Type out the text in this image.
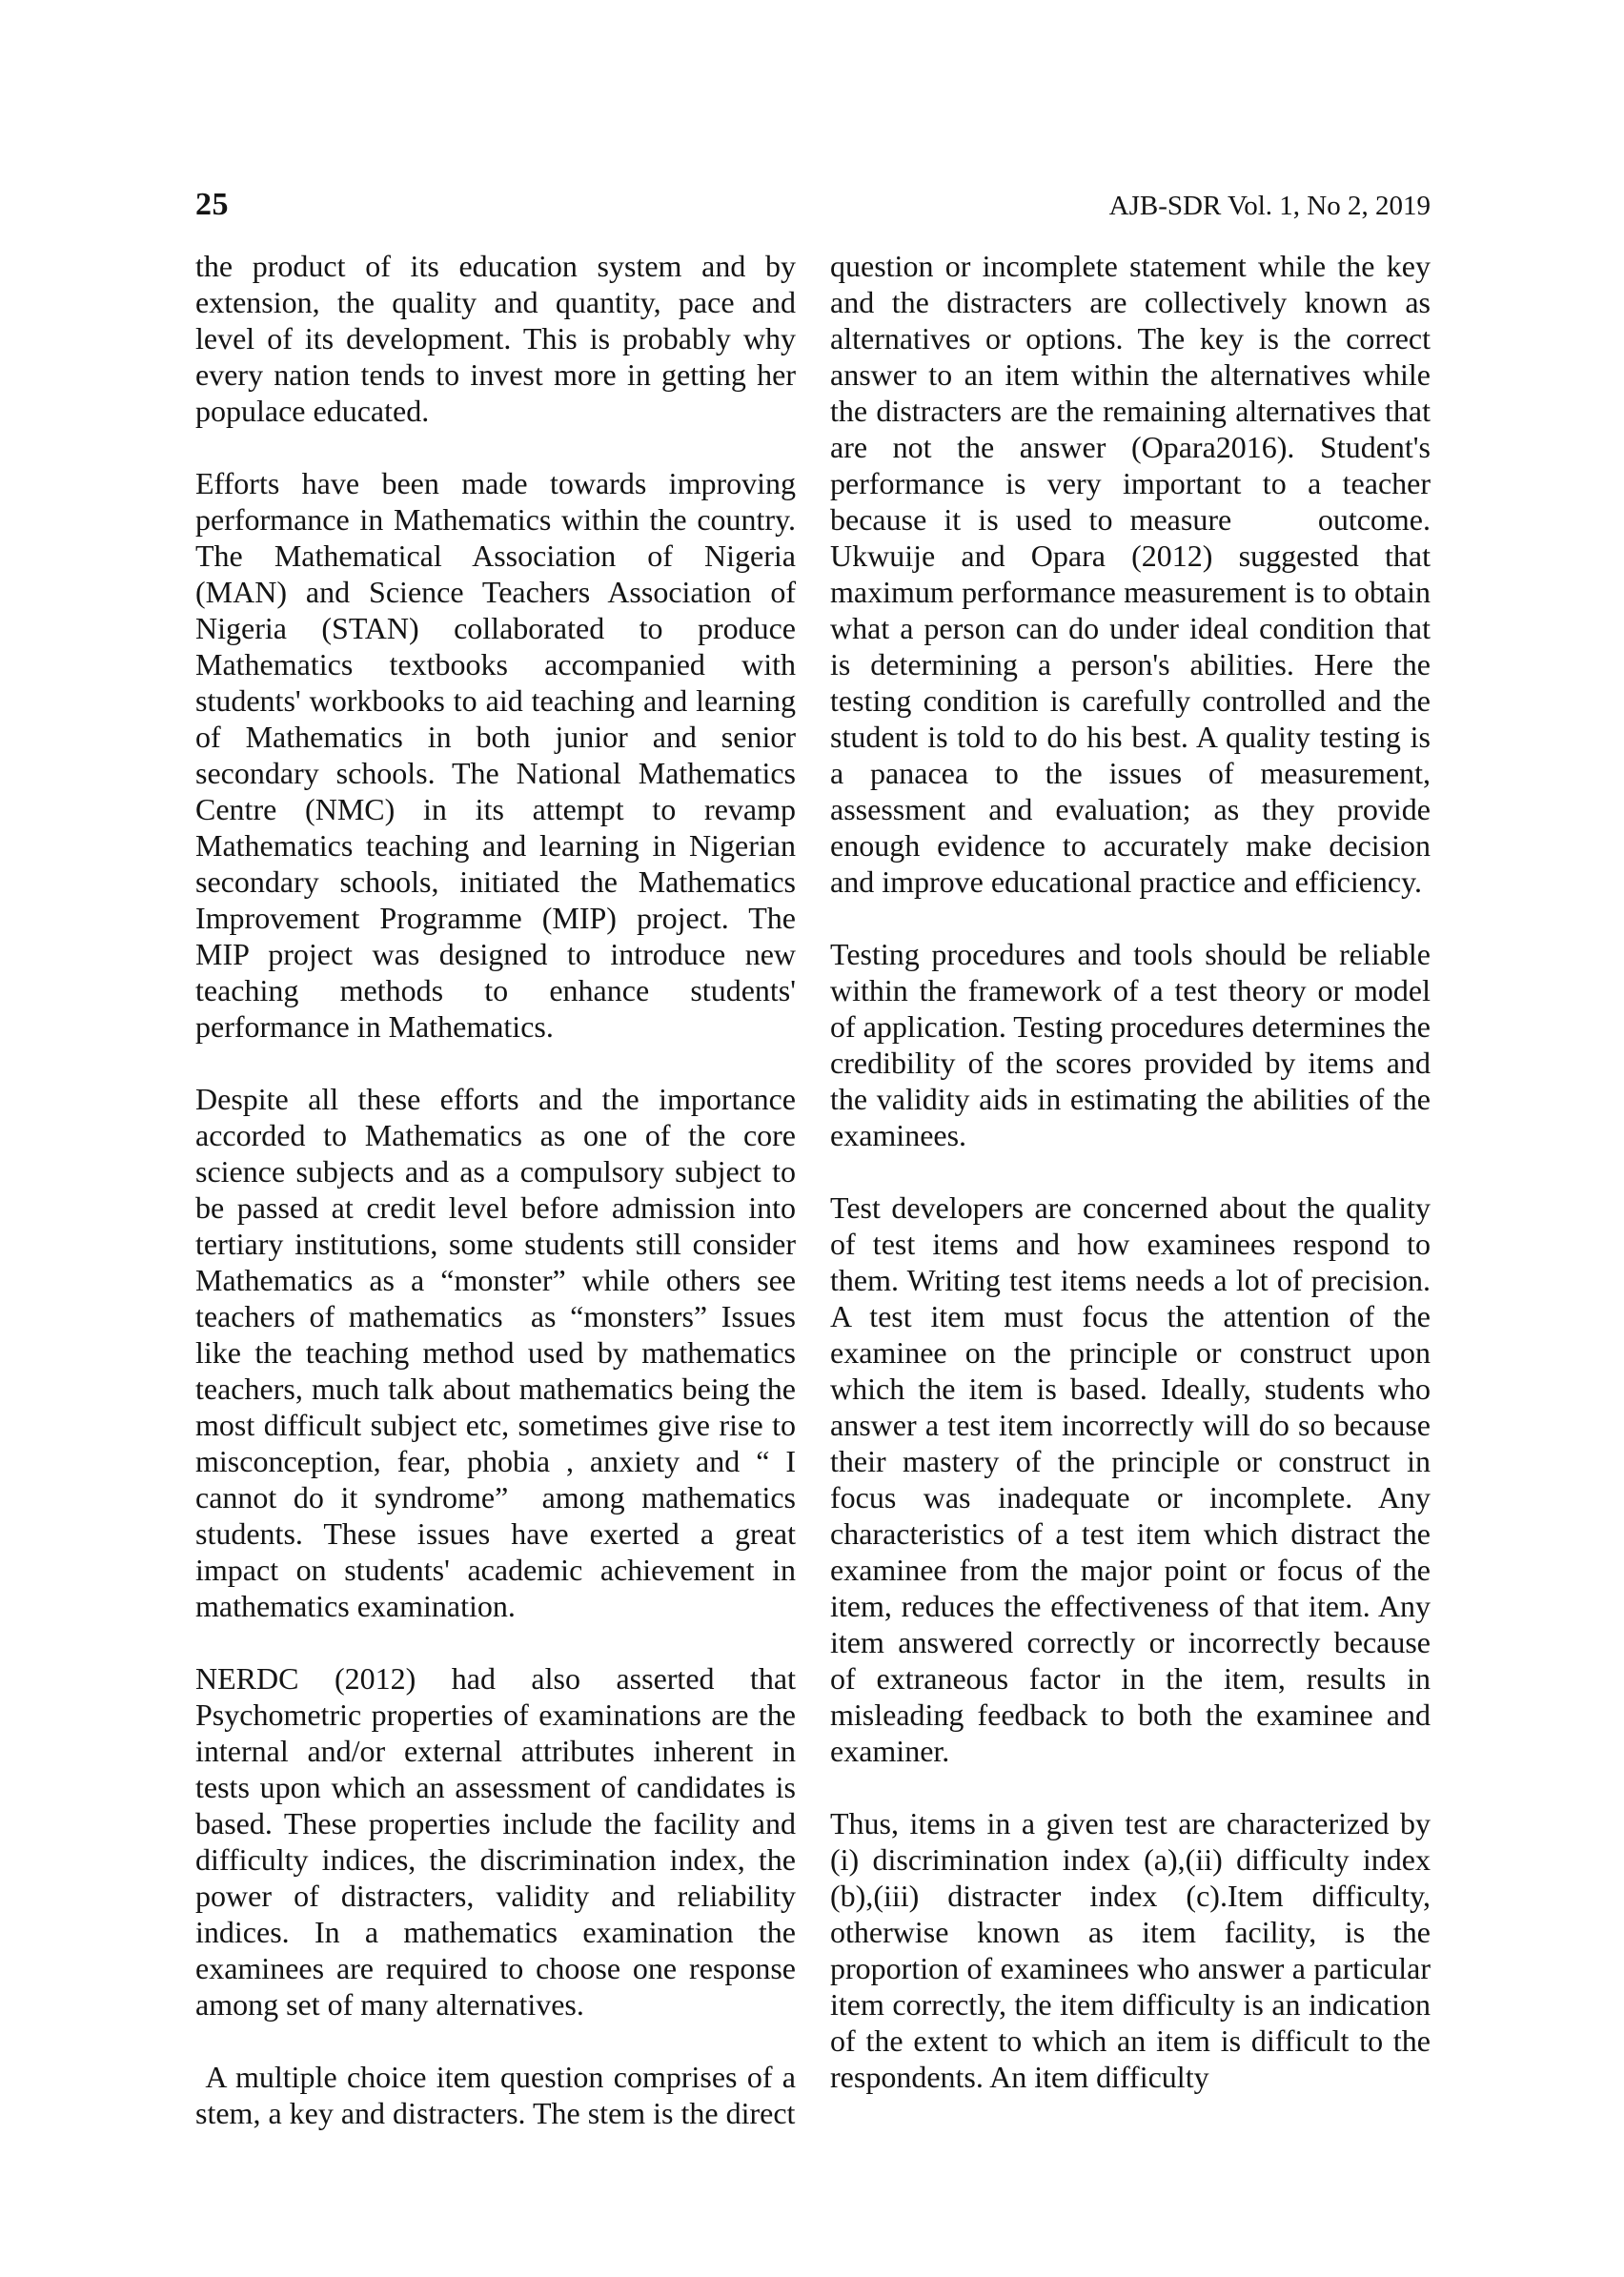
25	AJB-SDR Vol. 1, No 2, 2019

the product of its education system and by extension, the quality and quantity, pace and level of its development. This is probably why every nation tends to invest more in getting her populace educated.

Efforts have been made towards improving performance in Mathematics within the country. The Mathematical Association of Nigeria (MAN) and Science Teachers Association of Nigeria (STAN) collaborated to produce Mathematics textbooks accompanied with students' workbooks to aid teaching and learning of Mathematics in both junior and senior secondary schools. The National Mathematics Centre (NMC) in its attempt to revamp Mathematics teaching and learning in Nigerian secondary schools, initiated the Mathematics Improvement Programme (MIP) project. The MIP project was designed to introduce new teaching methods to enhance students' performance in Mathematics.

Despite all these efforts and the importance accorded to Mathematics as one of the core science subjects and as a compulsory subject to be passed at credit level before admission into tertiary institutions, some students still consider Mathematics as a “monster” while others see teachers of mathematics  as “monsters” Issues like the teaching method used by mathematics teachers, much talk about mathematics being the most difficult subject etc, sometimes give rise to misconception, fear, phobia , anxiety and “ I cannot do it syndrome”  among mathematics students. These issues have exerted a great impact on students' academic achievement in mathematics examination.

NERDC (2012) had also asserted that Psychometric properties of examinations are the internal and/or external attributes inherent in tests upon which an assessment of candidates is based. These properties include the facility and difficulty indices, the discrimination index, the power of distracters, validity and reliability indices. In a mathematics examination the examinees are required to choose one response among set of many alternatives.

A multiple choice item question comprises of a stem, a key and distracters. The stem is the direct

question or incomplete statement while the key and the distracters are collectively known as alternatives or options. The key is the correct answer to an item within the alternatives while the distracters are the remaining alternatives that are not the answer (Opara2016). Student's performance is very important to a teacher because it is used to measure     outcome. Ukwuije and Opara (2012) suggested that maximum performance measurement is to obtain what a person can do under ideal condition that is determining a person's abilities. Here the testing condition is carefully controlled and the student is told to do his best. A quality testing is a panacea to the issues of measurement, assessment and evaluation; as they provide enough evidence to accurately make decision and improve educational practice and efficiency.

Testing procedures and tools should be reliable within the framework of a test theory or model of application. Testing procedures determines the credibility of the scores provided by items and the validity aids in estimating the abilities of the examinees.

Test developers are concerned about the quality of test items and how examinees respond to them. Writing test items needs a lot of precision. A test item must focus the attention of the examinee on the principle or construct upon which the item is based. Ideally, students who answer a test item incorrectly will do so because their mastery of the principle or construct in focus was inadequate or incomplete. Any characteristics of a test item which distract the examinee from the major point or focus of the item, reduces the effectiveness of that item. Any item answered correctly or incorrectly because of extraneous factor in the item, results in misleading feedback to both the examinee and examiner.

Thus, items in a given test are characterized by (i) discrimination index (a),(ii) difficulty index (b),(iii) distracter index (c).Item difficulty, otherwise known as item facility, is the proportion of examinees who answer a particular item correctly, the item difficulty is an indication of the extent to which an item is difficult to the respondents. An item difficulty
